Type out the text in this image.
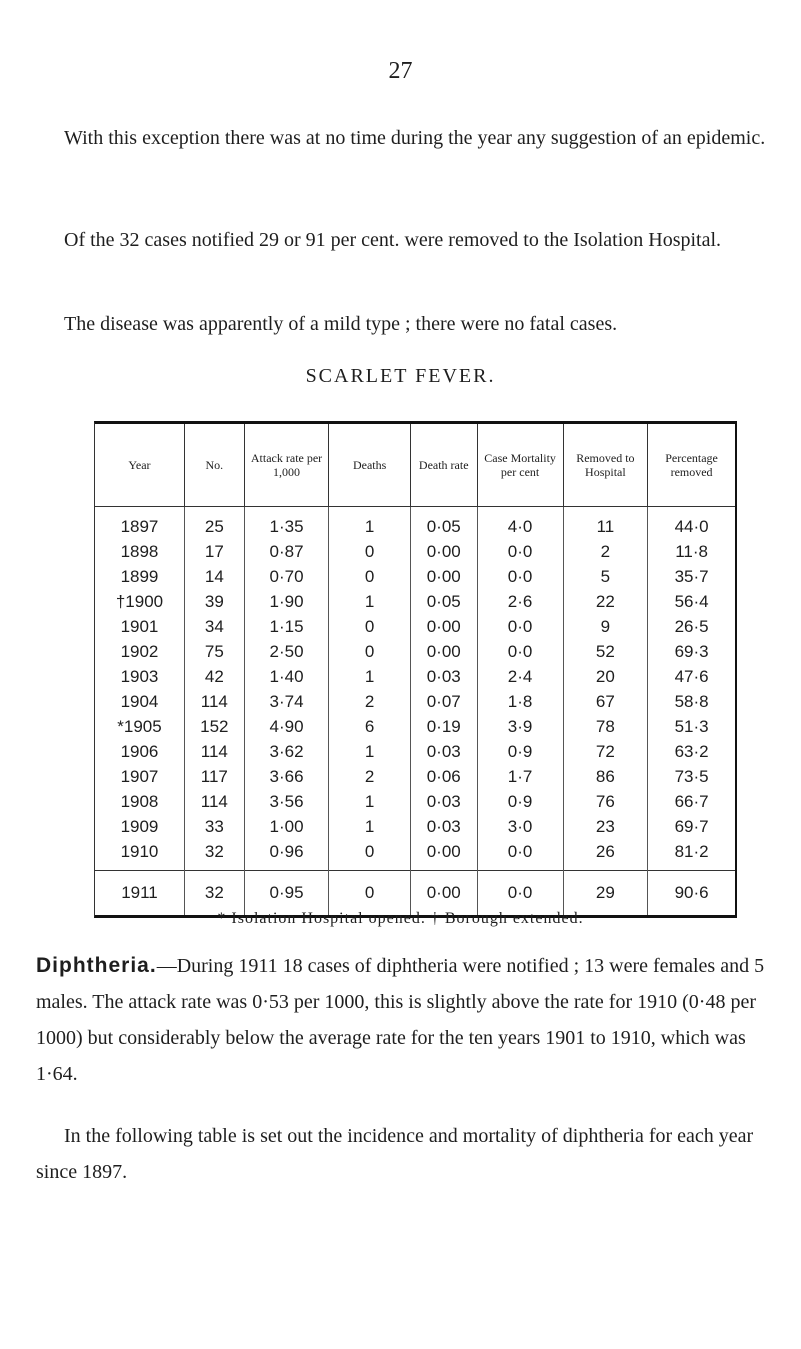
27

With this exception there was at no time during the year any suggestion of an epidemic.

Of the 32 cases notified 29 or 91 per cent. were removed to the Isolation Hospital.

The disease was apparently of a mild type ; there were no fatal cases.

SCARLET FEVER.
Year	No.	Attack rate per 1,000	Deaths	Death rate	Case Mortality per cent	Removed to Hospital	Percentage removed
1897	25	1·35	1	0·05	4·0	11	44·0
1898	17	0·87	0	0·00	0·0	2	11·8
1899	14	0·70	0	0·00	0·0	5	35·7
†1900	39	1·90	1	0·05	2·6	22	56·4
1901	34	1·15	0	0·00	0·0	9	26·5
1902	75	2·50	0	0·00	0·0	52	69·3
1903	42	1·40	1	0·03	2·4	20	47·6
1904	114	3·74	2	0·07	1·8	67	58·8
*1905	152	4·90	6	0·19	3·9	78	51·3
1906	114	3·62	1	0·03	0·9	72	63·2
1907	117	3·66	2	0·06	1·7	86	73·5
1908	114	3·56	1	0·03	0·9	76	66·7
1909	33	1·00	1	0·03	3·0	23	69·7
1910	32	0·96	0	0·00	0·0	26	81·2
1911	32	0·95	0	0·00	0·0	29	90·6
* Isolation Hospital opened. † Borough extended.

Diphtheria.—During 1911 18 cases of diphtheria were notified ; 13 were females and 5 males. The attack rate was 0·53 per 1000, this is slightly above the rate for 1910 (0·48 per 1000) but considerably below the average rate for the ten years 1901 to 1910, which was 1·64.

In the following table is set out the incidence and mortality of diphtheria for each year since 1897.
